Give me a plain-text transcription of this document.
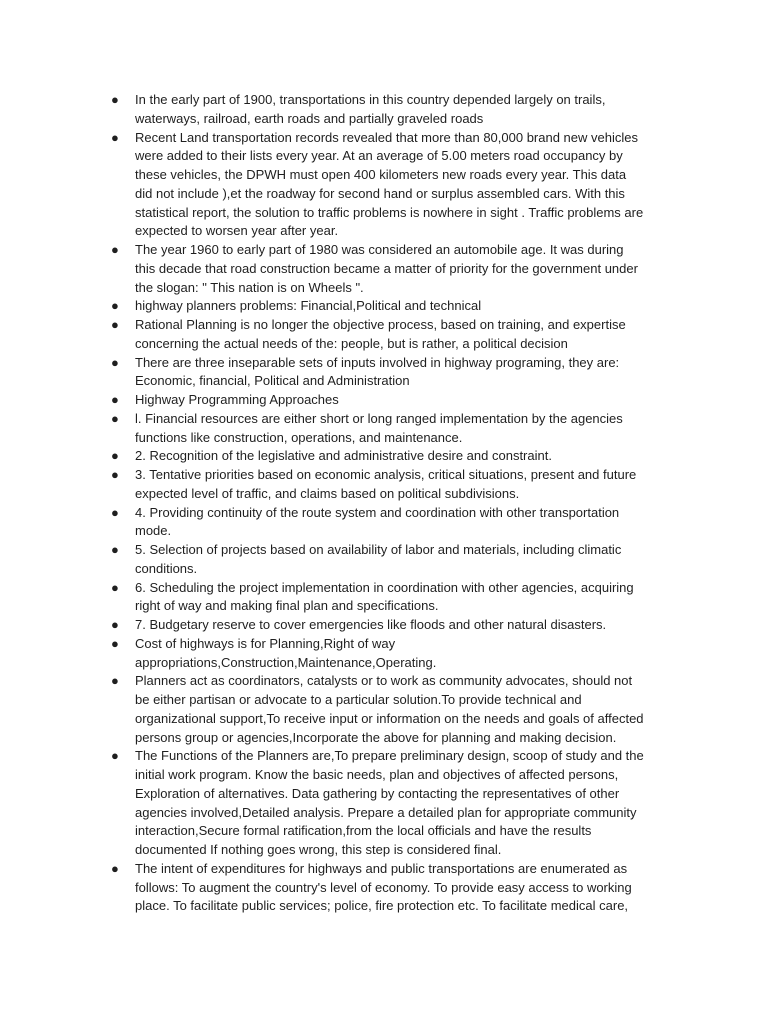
● In the early part of 1900, transportations in this country depended largely on trails,
waterways, railroad, earth roads and partially graveled roads
● Recent Land transportation records revealed that more than 80,000 brand new vehicles
were added to their lists every year. At an average of 5.00 meters road occupancy by
these vehicles, the DPWH must open 400 kilometers new roads every year. This data
did not include ),et the roadway for second hand or surplus assembled cars. With this
statistical report, the solution to traffic problems is nowhere in sight . Traffic problems are
expected to worsen year after year.
● The year 1960 to early part of 1980 was considered an automobile age. It was during
this decade that road construction became a matter of priority for the government under
the slogan: " This nation is on Wheels ".
● highway planners problems: Financial,Political and technical
● Rational Planning is no longer the objective process, based on training, and expertise
concerning the actual needs of the: people, but is rather, a political decision
● There are three inseparable sets of inputs involved in highway programing, they are:
Economic, financial, Political and Administration
● Highway Programming Approaches
● l. Financial resources are either short or long ranged implementation by the agencies
functions like construction, operations, and maintenance.
● 2. Recognition of the legislative and administrative desire and constraint.
● 3. Tentative priorities based on economic analysis, critical situations, present and future
expected level of traffic, and claims based on political subdivisions.
● 4. Providing continuity of the route system and coordination with other transportation
mode.
● 5. Selection of projects based on availability of labor and materials, including climatic
conditions.
● 6. Scheduling the project implementation in coordination with other agencies, acquiring
right of way and making final plan and specifications.
● 7. Budgetary reserve to cover emergencies like floods and other natural disasters.
● Cost of highways is for Planning,Right of way
appropriations,Construction,Maintenance,Operating.
● Planners act as coordinators, catalysts or to work as community advocates, should not
be either partisan or advocate to a particular solution.To provide technical and
organizational support,To receive input or information on the needs and goals of affected
persons group or agencies,Incorporate the above for planning and making decision.
● The Functions of the Planners are,To prepare preliminary design, scoop of study and the
initial work program. Know the basic needs, plan and objectives of affected persons,
Exploration of alternatives. Data gathering by contacting the representatives of other
agencies involved,Detailed analysis. Prepare a detailed plan for appropriate community
interaction,Secure formal ratification,from the local officials and have the results
documented If nothing goes wrong, this step is considered final.
● The intent of expenditures for highways and public transportations are enumerated as
follows: To augment the country's level of economy. To provide easy access to working
place. To facilitate public services; police, fire protection etc. To facilitate medical care,
